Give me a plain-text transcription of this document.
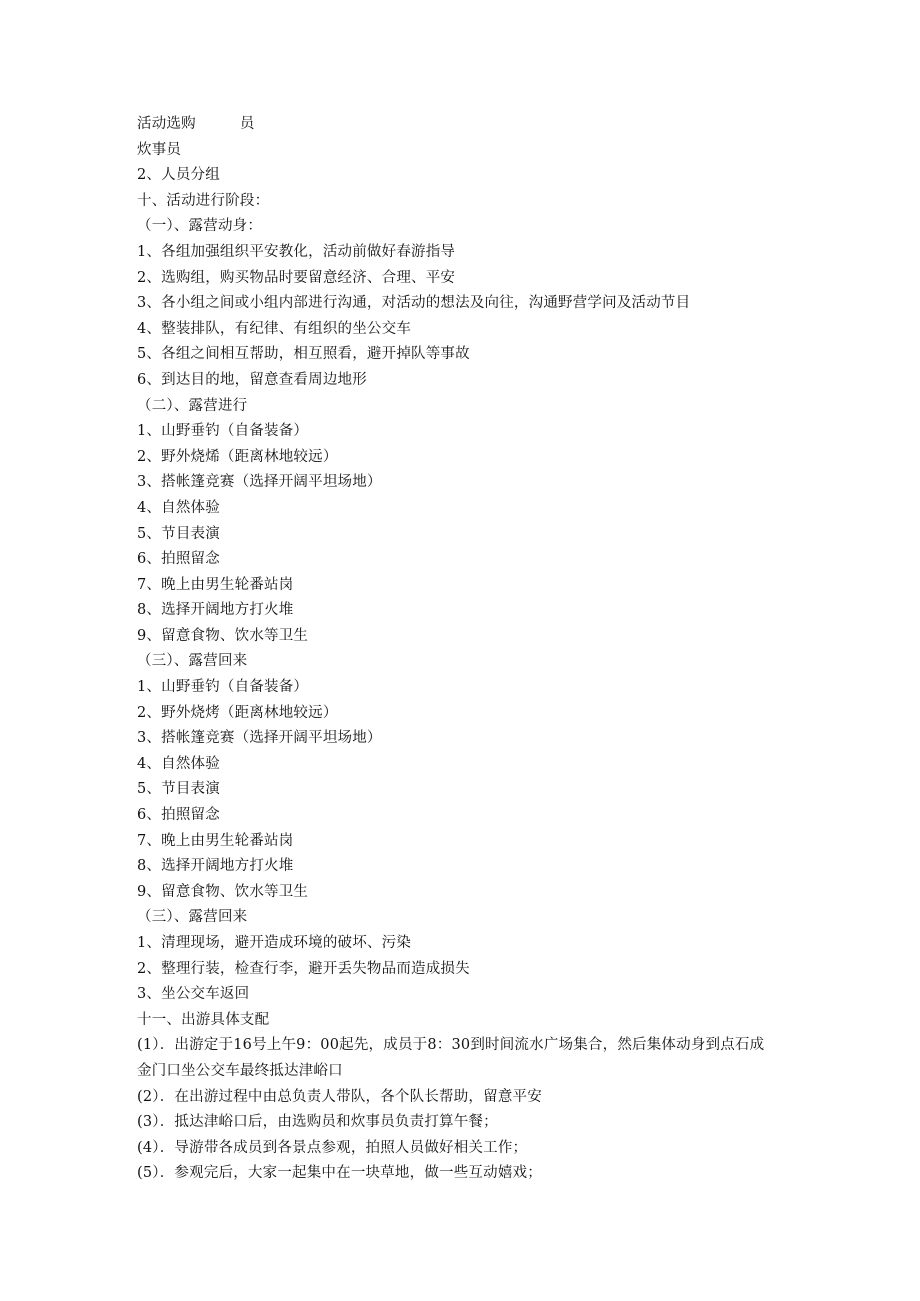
活动选购	员
炊事员
2、人员分组
十、活动进行阶段：
（一）、露营动身：
1、各组加强组织平安教化，活动前做好春游指导
2、选购组，购买物品时要留意经济、合理、平安
3、各小组之间或小组内部进行沟通，对活动的想法及向往，沟通野营学问及活动节目
4、整装排队，有纪律、有组织的坐公交车
5、各组之间相互帮助，相互照看，避开掉队等事故
6、到达目的地，留意查看周边地形
（二）、露营进行
1、山野垂钓（自备装备）
2、野外烧烯（距离林地较远）
3、搭帐篷竞赛（选择开阔平坦场地）
4、自然体验
5、节目表演
6、拍照留念
7、晚上由男生轮番站岗
8、选择开阔地方打火堆
9、留意食物、饮水等卫生
（三）、露营回来
1、山野垂钓（自备装备）
2、野外烧烤（距离林地较远）
3、搭帐篷竞赛（选择开阔平坦场地）
4、自然体验
5、节目表演
6、拍照留念
7、晚上由男生轮番站岗
8、选择开阔地方打火堆
9、留意食物、饮水等卫生
（三）、露营回来
1、清理现场，避开造成环境的破坏、污染
2、整理行装，检查行李，避开丢失物品而造成损失
3、坐公交车返回
十一、出游具体支配
(1）．出游定于16号上午9：00起先，成员于8：30到时间流水广场集合，然后集体动身到点石成金门口坐公交车最终抵达津峪口
(2）．在出游过程中由总负责人带队，各个队长帮助，留意平安
(3）．抵达津峪口后，由选购员和炊事员负责打算午餐；
(4）．导游带各成员到各景点参观，拍照人员做好相关工作；
(5）．参观完后，大家一起集中在一块草地，做一些互动嬉戏；
